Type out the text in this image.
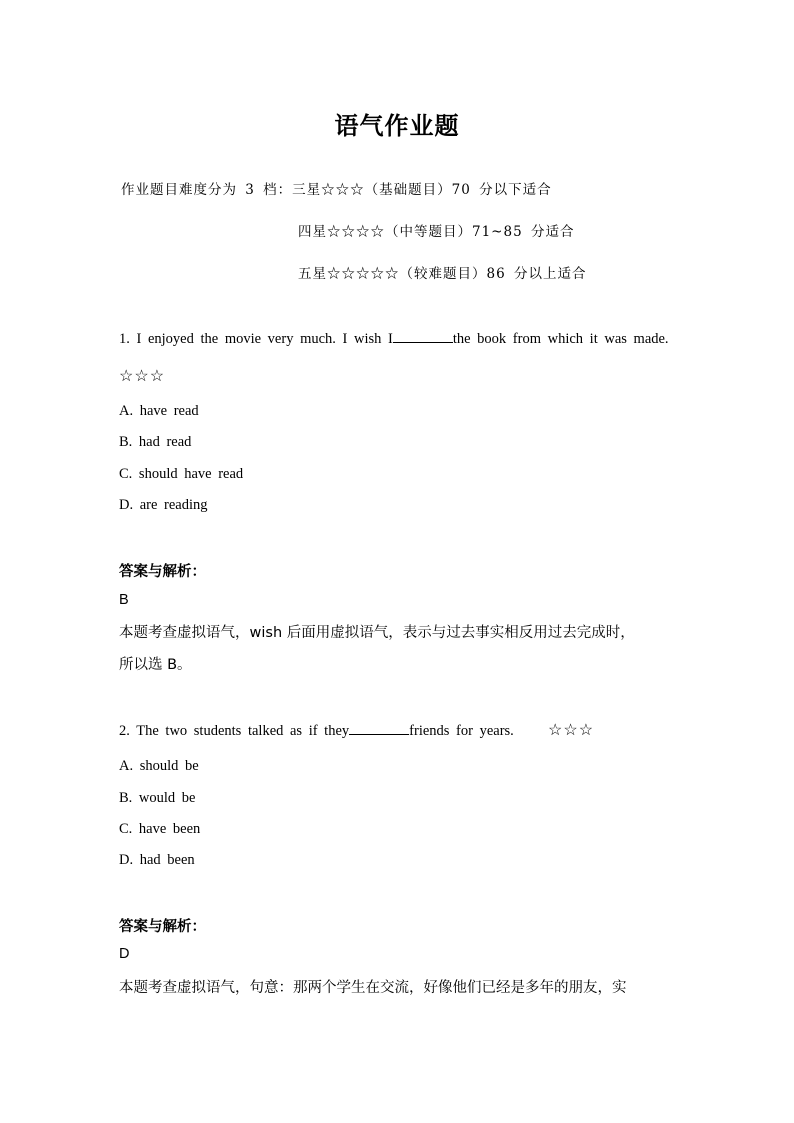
语气作业题
作业题目难度分为 3 档：三星☆☆☆（基础题目）70 分以下适合
四星☆☆☆☆（中等题目）71~85 分适合
五星☆☆☆☆☆（较难题目）86 分以上适合
1. I enjoyed the movie very much. I wish I	the book from which it was made.
☆☆☆
A. have read
B. had read
C. should have read
D. are reading
答案与解析：
B
本题考查虚拟语气，wish 后面用虚拟语气，表示与过去事实相反用过去完成时，
所以选 B。
2. The two students talked as if they	friends for years. ☆☆☆
A. should be
B. would be
C. have been
D. had been
答案与解析：
D
本题考查虚拟语气，句意：那两个学生在交流，好像他们已经是多年的朋友，实
